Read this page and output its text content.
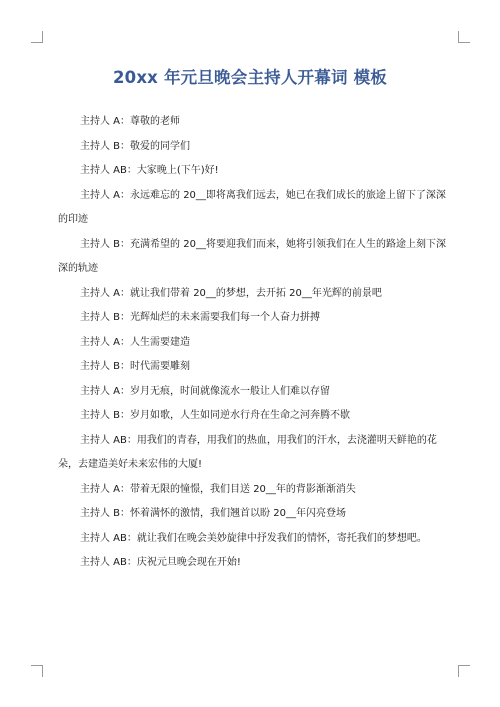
20xx 年元旦晚会主持人开幕词 模板

主持人 A：尊敬的老师

主持人 B：敬爱的同学们

主持人 AB：大家晚上(下午)好!

主持人 A：永远难忘的 20__即将离我们远去，她已在我们成长的旅途上留下了深深的印迹

主持人 B：充满希望的 20__将要迎我们而来，她将引领我们在人生的路途上刻下深深的轨迹

主持人 A：就让我们带着 20__的梦想，去开拓 20__年光辉的前景吧

主持人 B：光辉灿烂的未来需要我们每一个人奋力拼搏

主持人 A：人生需要建造

主持人 B：时代需要雕刻

主持人 A：岁月无痕，时间就像流水一般让人们难以存留

主持人 B：岁月如歌，人生如同逆水行舟在生命之河奔腾不歇

主持人 AB：用我们的青春，用我们的热血，用我们的汗水，去浇灌明天鲜艳的花朵，去建造美好未来宏伟的大厦!

主持人 A：带着无限的憧憬，我们目送 20__年的背影渐渐消失

主持人 B：怀着满怀的激情，我们翘首以盼 20__年闪亮登场

主持人 AB：就让我们在晚会美妙旋律中抒发我们的情怀，寄托我们的梦想吧。

主持人 AB：庆祝元旦晚会现在开始!
